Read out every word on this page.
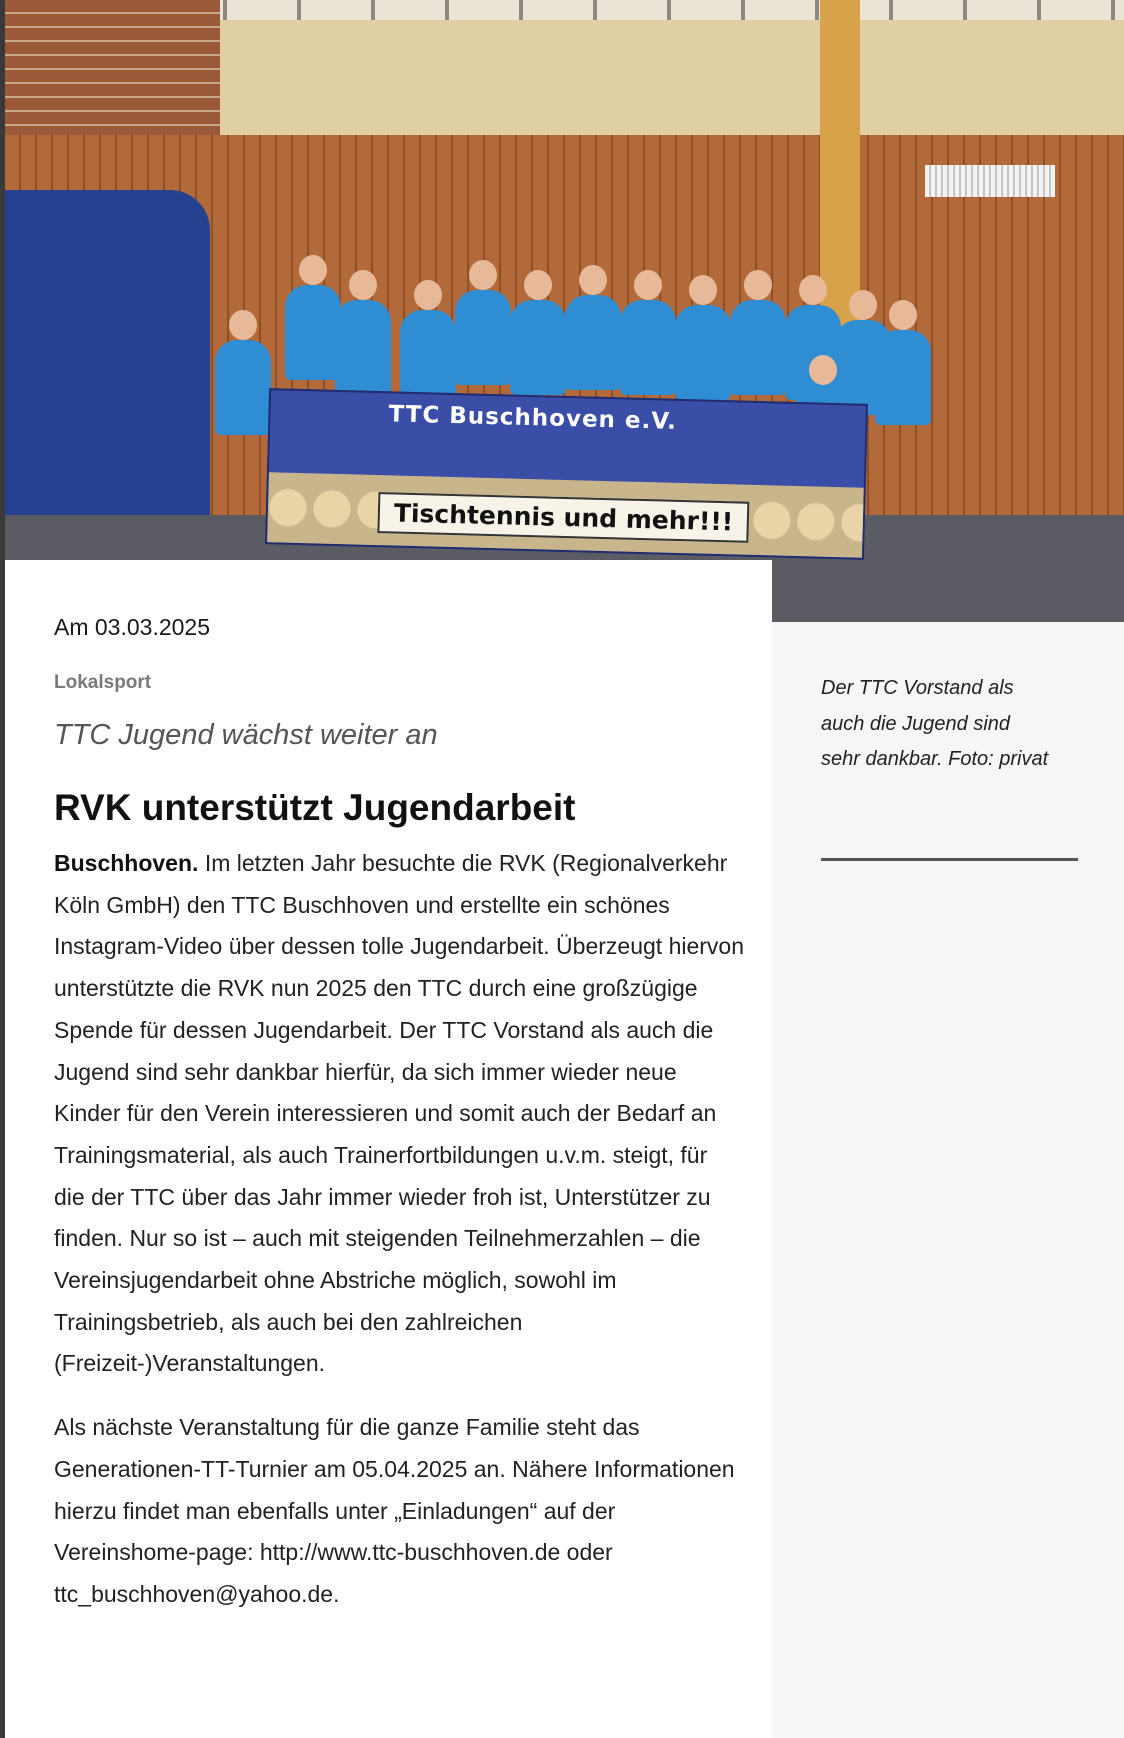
TTC Buschhoven e.V.
Tischtennis und mehr!!!

Am 03.03.2025

Lokalsport

TTC Jugend wächst weiter an

RVK unterstützt Jugendarbeit

Buschhoven. Im letzten Jahr besuchte die RVK (Regionalverkehr Köln GmbH) den TTC Buschhoven und erstellte ein schönes Instagram-Video über dessen tolle Jugendarbeit. Überzeugt hiervon unterstützte die RVK nun 2025 den TTC durch eine großzügige Spende für dessen Jugendarbeit. Der TTC Vorstand als auch die Jugend sind sehr dankbar hierfür, da sich immer wieder neue Kinder für den Verein interessieren und somit auch der Bedarf an Trainingsmaterial, als auch Trainerfortbildungen u.v.m. steigt, für die der TTC über das Jahr immer wieder froh ist, Unterstützer zu finden. Nur so ist – auch mit steigenden Teilnehmerzahlen – die Vereinsjugendarbeit ohne Abstriche möglich, sowohl im Trainingsbetrieb, als auch bei den zahlreichen (Freizeit-)Veranstaltungen.

Als nächste Veranstaltung für die ganze Familie steht das Generationen-TT-Turnier am 05.04.2025 an. Nähere Informationen hierzu findet man ebenfalls unter „Einladungen“ auf der Vereinshome-page: http://www.ttc-buschhoven.de oder ttc_buschhoven@yahoo.de.

Der TTC Vorstand als auch die Jugend sind sehr dankbar. Foto: privat
